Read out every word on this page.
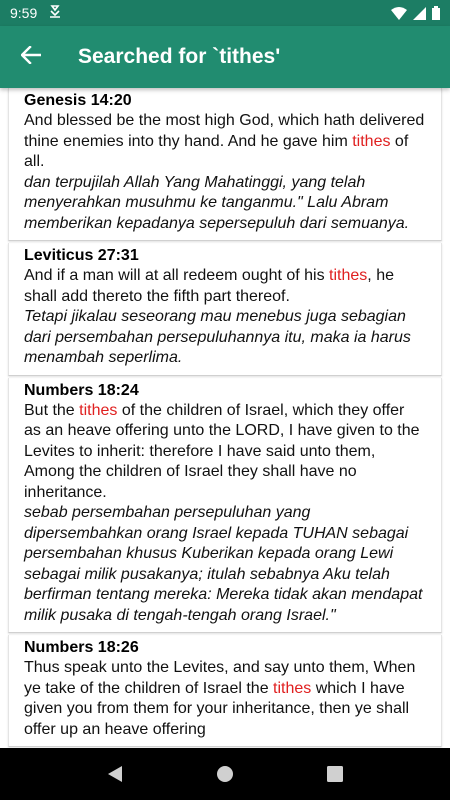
9:59
Searched for `tithes'
Genesis 14:20
And blessed be the most high God, which hath delivered thine enemies into thy hand. And he gave him tithes of all.
dan terpujilah Allah Yang Mahatinggi, yang telah menyerahkan musuhmu ke tanganmu." Lalu Abram memberikan kepadanya sepersepuluh dari semuanya.
Leviticus 27:31
And if a man will at all redeem ought of his tithes, he shall add thereto the fifth part thereof.
Tetapi jikalau seseorang mau menebus juga sebagian dari persembahan persepuluhannya itu, maka ia harus menambah seperlima.
Numbers 18:24
But the tithes of the children of Israel, which they offer as an heave offering unto the LORD, I have given to the Levites to inherit: therefore I have said unto them, Among the children of Israel they shall have no inheritance.
sebab persembahan persepuluhan yang dipersembahkan orang Israel kepada TUHAN sebagai persembahan khusus Kuberikan kepada orang Lewi sebagai milik pusakanya; itulah sebabnya Aku telah berfirman tentang mereka: Mereka tidak akan mendapat milik pusaka di tengah-tengah orang Israel."
Numbers 18:26
Thus speak unto the Levites, and say unto them, When ye take of the children of Israel the tithes which I have given you from them for your inheritance, then ye shall offer up an heave offering
